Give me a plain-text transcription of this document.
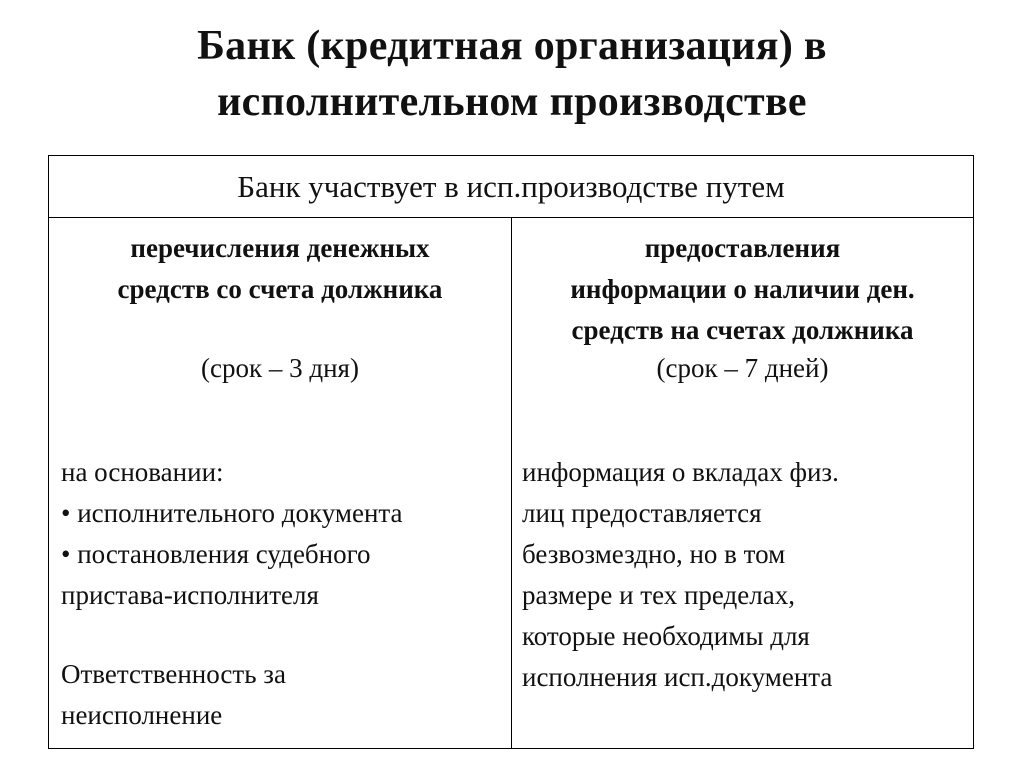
Банк (кредитная организация) в
исполнительном производстве
Банк участвует в исп.производстве путем
перечисления денежных
средств со счета должника
(срок – 3 дня)
на основании:
• исполнительного документа
• постановления судебного
пристава-исполнителя
Ответственность за
неисполнение
предоставления
информации о наличии ден.
средств на счетах должника
(срок – 7 дней)
информация о вкладах физ.
лиц предоставляется
безвозмездно, но в том
размере и тех пределах,
которые необходимы для
исполнения исп.документа
